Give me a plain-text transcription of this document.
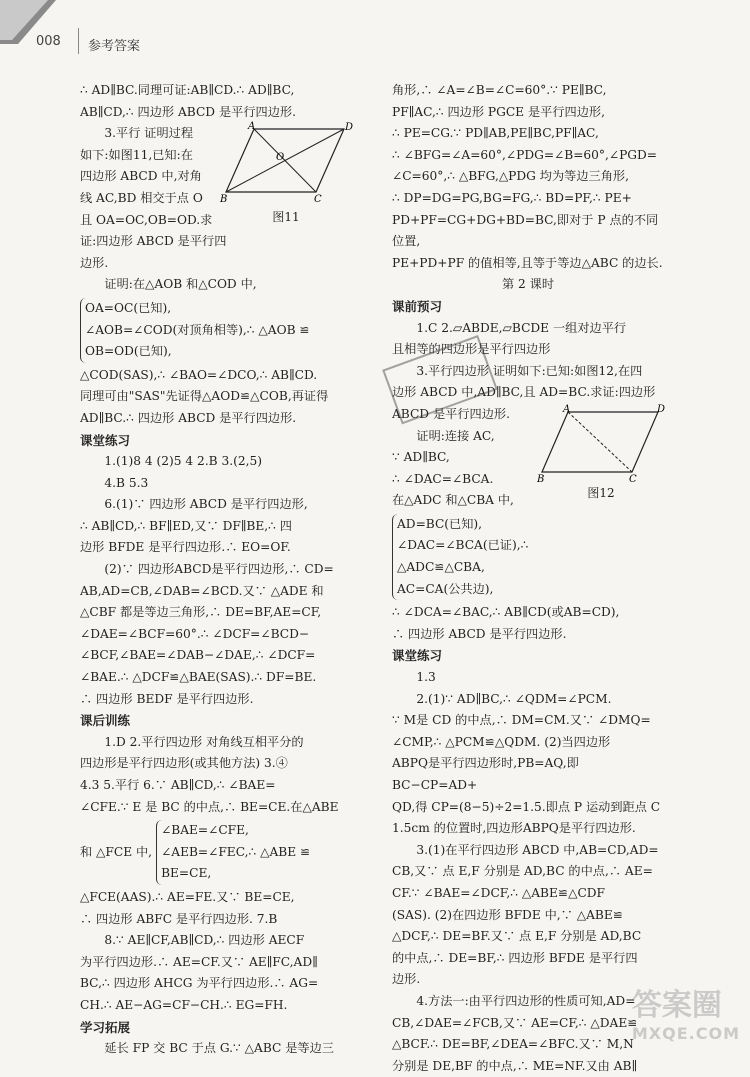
008 参考答案

∴ AD∥BC.同理可证:AB∥CD.∴ AD∥BC,

AB∥CD,∴ 四边形 ABCD 是平行四边形.

3.平行 证明过程

如下:如图11,已知:在

四边形 ABCD 中,对角

线 AC,BD 相交于点 O

且 OA=OC,OB=OD.求

证:四边形 ABCD 是平行四边形.

证明:在△AOB 和△COD 中,

OA=OC(已知),

∠AOB=∠COD(对顶角相等),∴ △AOB ≌

OB=OD(已知),

△COD(SAS),∴ ∠BAO=∠DCO,∴ AB∥CD.

同理可由"SAS"先证得△AOD≌△COB,再证得

AD∥BC.∴ 四边形 ABCD 是平行四边形.

课堂练习

1.(1)8 4 (2)5 4 2.B 3.(2,5)

4.B 5.3

6.(1)∵ 四边形 ABCD 是平行四边形,

∴ AB∥CD,∴ BF∥ED,又∵ DF∥BE,∴ 四

边形 BFDE 是平行四边形.∴ EO=OF.

(2)∵ 四边形ABCD是平行四边形,∴ CD=

AB,AD=CB,∠DAB=∠BCD.又∵ △ADE 和

△CBF 都是等边三角形,∴ DE=BF,AE=CF,

∠DAE=∠BCF=60°.∴ ∠DCF=∠BCD−

∠BCF,∠BAE=∠DAB−∠DAE,∴ ∠DCF=

∠BAE.∴ △DCF≌△BAE(SAS).∴ DF=BE.

∴ 四边形 BEDF 是平行四边形.

课后训练

1.D 2.平行四边形 对角线互相平分的

四边形是平行四边形(或其他方法) 3.④

4.3 5.平行 6.∵ AB∥CD,∴ ∠BAE=

∠CFE.∵ E 是 BC 的中点,∴ BE=CE.在△ABE

和 △FCE 中,

∠BAE=∠CFE,

∠AEB=∠FEC,∴ △ABE ≌

BE=CE,

△FCE(AAS).∴ AE=FE.又∵ BE=CE,

∴ 四边形 ABFC 是平行四边形. 7.B

8.∵ AE∥CF,AB∥CD,∴ 四边形 AECF

为平行四边形.∴ AE=CF.又∵ AE∥FC,AD∥

BC,∴ 四边形 AHCG 为平行四边形.∴ AG=

CH.∴ AE−AG=CF−CH.∴ EG=FH.

学习拓展

延长 FP 交 BC 于点 G.∵ △ABC 是等边三

角形,∴ ∠A=∠B=∠C=60°.∵ PE∥BC,

PF∥AC,∴ 四边形 PGCE 是平行四边形,

∴ PE=CG.∵ PD∥AB,PE∥BC,PF∥AC,

∴ ∠BFG=∠A=60°,∠PDG=∠B=60°,∠PGD=

∠C=60°,∴ △BFG,△PDG 均为等边三角形,

∴ DP=DG=PG,BG=FG,∴ BD=PF,∴ PE+

PD+PF=CG+DG+BD=BC,即对于 P 点的不同位置,

PE+PD+PF 的值相等,且等于等边△ABC 的边长.

第 2 课时

课前预习

1.C 2.▱ABDE,▱BCDE 一组对边平行

且相等的四边形是平行四边形

3.平行四边形 证明如下:已知:如图12,在四

边形 ABCD 中,AD∥BC,且 AD=BC.求证:四边形

ABCD 是平行四边形.

证明:连接 AC,

∵ AD∥BC,

∴ ∠DAC=∠BCA.

在△ADC 和△CBA 中,

AD=BC(已知),

∠DAC=∠BCA(已证),∴ △ADC≌△CBA,

AC=CA(公共边),

∴ ∠DCA=∠BAC,∴ AB∥CD(或AB=CD),

∴ 四边形 ABCD 是平行四边形.

课堂练习

1.3

2.(1)∵ AD∥BC,∴ ∠QDM=∠PCM.

∵ M是 CD 的中点,∴ DM=CM.又∵ ∠DMQ=

∠CMP,∴ △PCM≌△QDM. (2)当四边形

ABPQ是平行四边形时,PB=AQ,即 BC−CP=AD+

QD,得 CP=(8−5)÷2=1.5.即点 P 运动到距点 C

1.5cm 的位置时,四边形ABPQ是平行四边形.

3.(1)在平行四边形 ABCD 中,AB=CD,AD=

CB,又∵ 点 E,F 分别是 AD,BC 的中点,∴ AE=

CF.∵ ∠BAE=∠DCF,∴ △ABE≌△CDF

(SAS). (2)在四边形 BFDE 中,∵ △ABE≌

△DCF,∴ DE=BF.又∵ 点 E,F 分别是 AD,BC

的中点,∴ DE=BF,∴ 四边形 BFDE 是平行四

边形.

4.方法一:由平行四边形的性质可知,AD=

CB,∠DAE=∠FCB,又∵ AE=CF,∴ △DAE≌

△BCF.∴ DE=BF,∠DEA=∠BFC.又∵ M,N

分别是 DE,BF 的中点,∴ ME=NF.又由 AB∥

A	D
B	C
O
图11
A	D
B	C
图12
答案圈
MXQE.COM
